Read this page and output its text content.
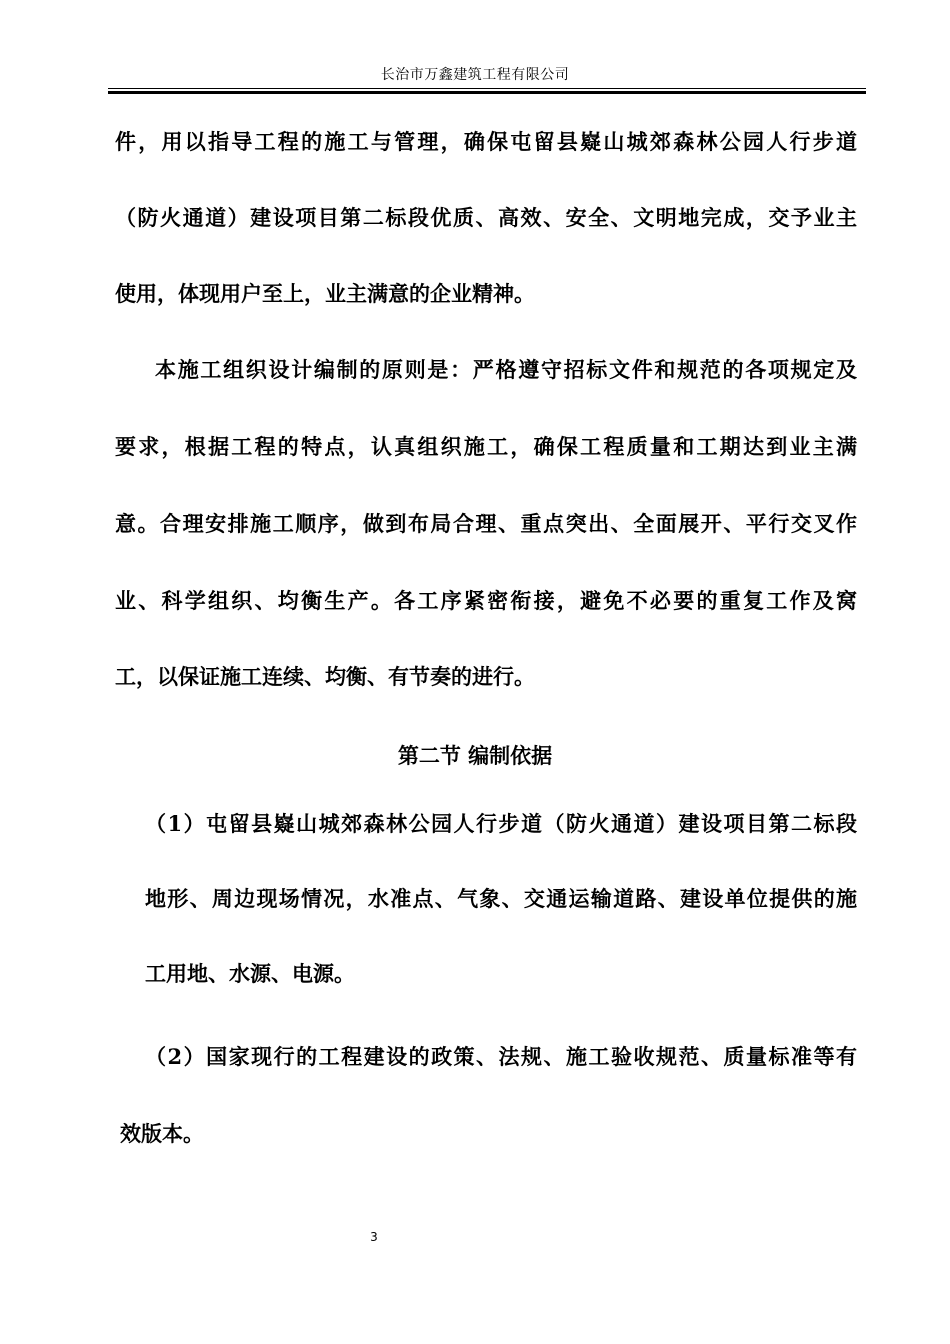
长治市万鑫建筑工程有限公司
件，用以指导工程的施工与管理，确保屯留县嶷山城郊森林公园人行步道
（防火通道）建设项目第二标段优质、高效、安全、文明地完成，交予业主
使用，体现用户至上，业主满意的企业精神。
本施工组织设计编制的原则是：严格遵守招标文件和规范的各项规定及
要求，根据工程的特点，认真组织施工，确保工程质量和工期达到业主满
意。合理安排施工顺序，做到布局合理、重点突出、全面展开、平行交叉作
业、科学组织、均衡生产。各工序紧密衔接，避免不必要的重复工作及窝
工，以保证施工连续、均衡、有节奏的进行。
第二节 编制依据
（1）屯留县嶷山城郊森林公园人行步道（防火通道）建设项目第二标段
地形、周边现场情况，水准点、气象、交通运输道路、建设单位提供的施
工用地、水源、电源。
（2）国家现行的工程建设的政策、法规、施工验收规范、质量标准等有
效版本。
3
